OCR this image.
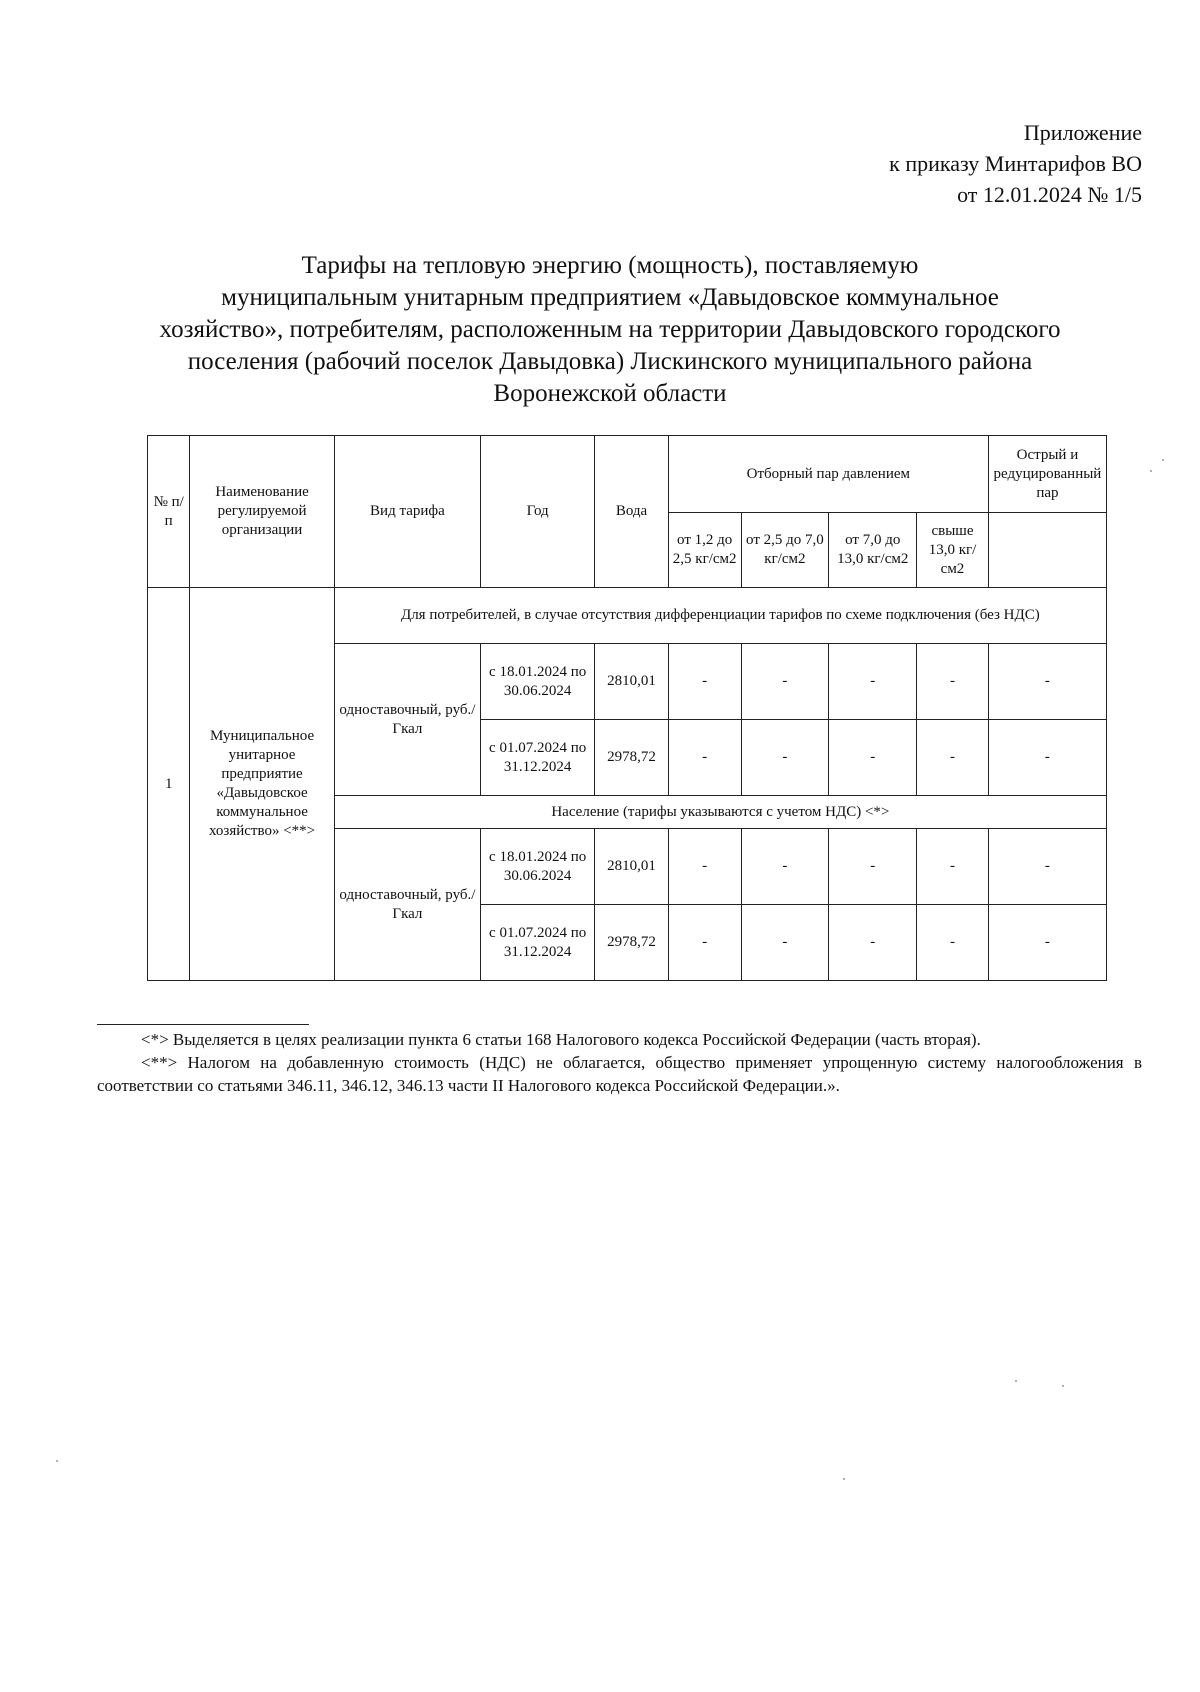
Приложение
к приказу Минтарифов ВО
от 12.01.2024 № 1/5
Тарифы на тепловую энергию (мощность), поставляемую
муниципальным унитарным предприятием «Давыдовское коммунальное
хозяйство», потребителям, расположенным на территории Давыдовского городского
поселения (рабочий поселок Давыдовка) Лискинского муниципального района
Воронежской области
№ п/п	Наименование регулируемой организации	Вид тарифа	Год	Вода	Отборный пар давлением				Острый и редуцированный пар
					от 1,2 до 2,5 кг/см2	от 2,5 до 7,0 кг/см2	от 7,0 до 13,0 кг/см2	свыше 13,0 кг/см2	
1	Муниципальное унитарное предприятие «Давыдовское коммунальное хозяйство» <**>	Для потребителей, в случае отсутствия дифференциации тарифов по схеме подключения (без НДС)							
		одноставочный, руб./Гкал	с 18.01.2024 по 30.06.2024	2810,01	-	-	-	-	-
			с 01.07.2024 по 31.12.2024	2978,72	-	-	-	-	-
		Население (тарифы указываются с учетом НДС) <*>							
		одноставочный, руб./Гкал	с 18.01.2024 по 30.06.2024	2810,01	-	-	-	-	-
			с 01.07.2024 по 31.12.2024	2978,72	-	-	-	-	-

<*> Выделяется в целях реализации пункта 6 статьи 168 Налогового кодекса Российской Федерации (часть вторая).

<**> Налогом на добавленную стоимость (НДС) не облагается, общество применяет упрощенную систему налогообложения в соответствии со статьями 346.11, 346.12, 346.13 части II Налогового кодекса Российской Федерации.».
